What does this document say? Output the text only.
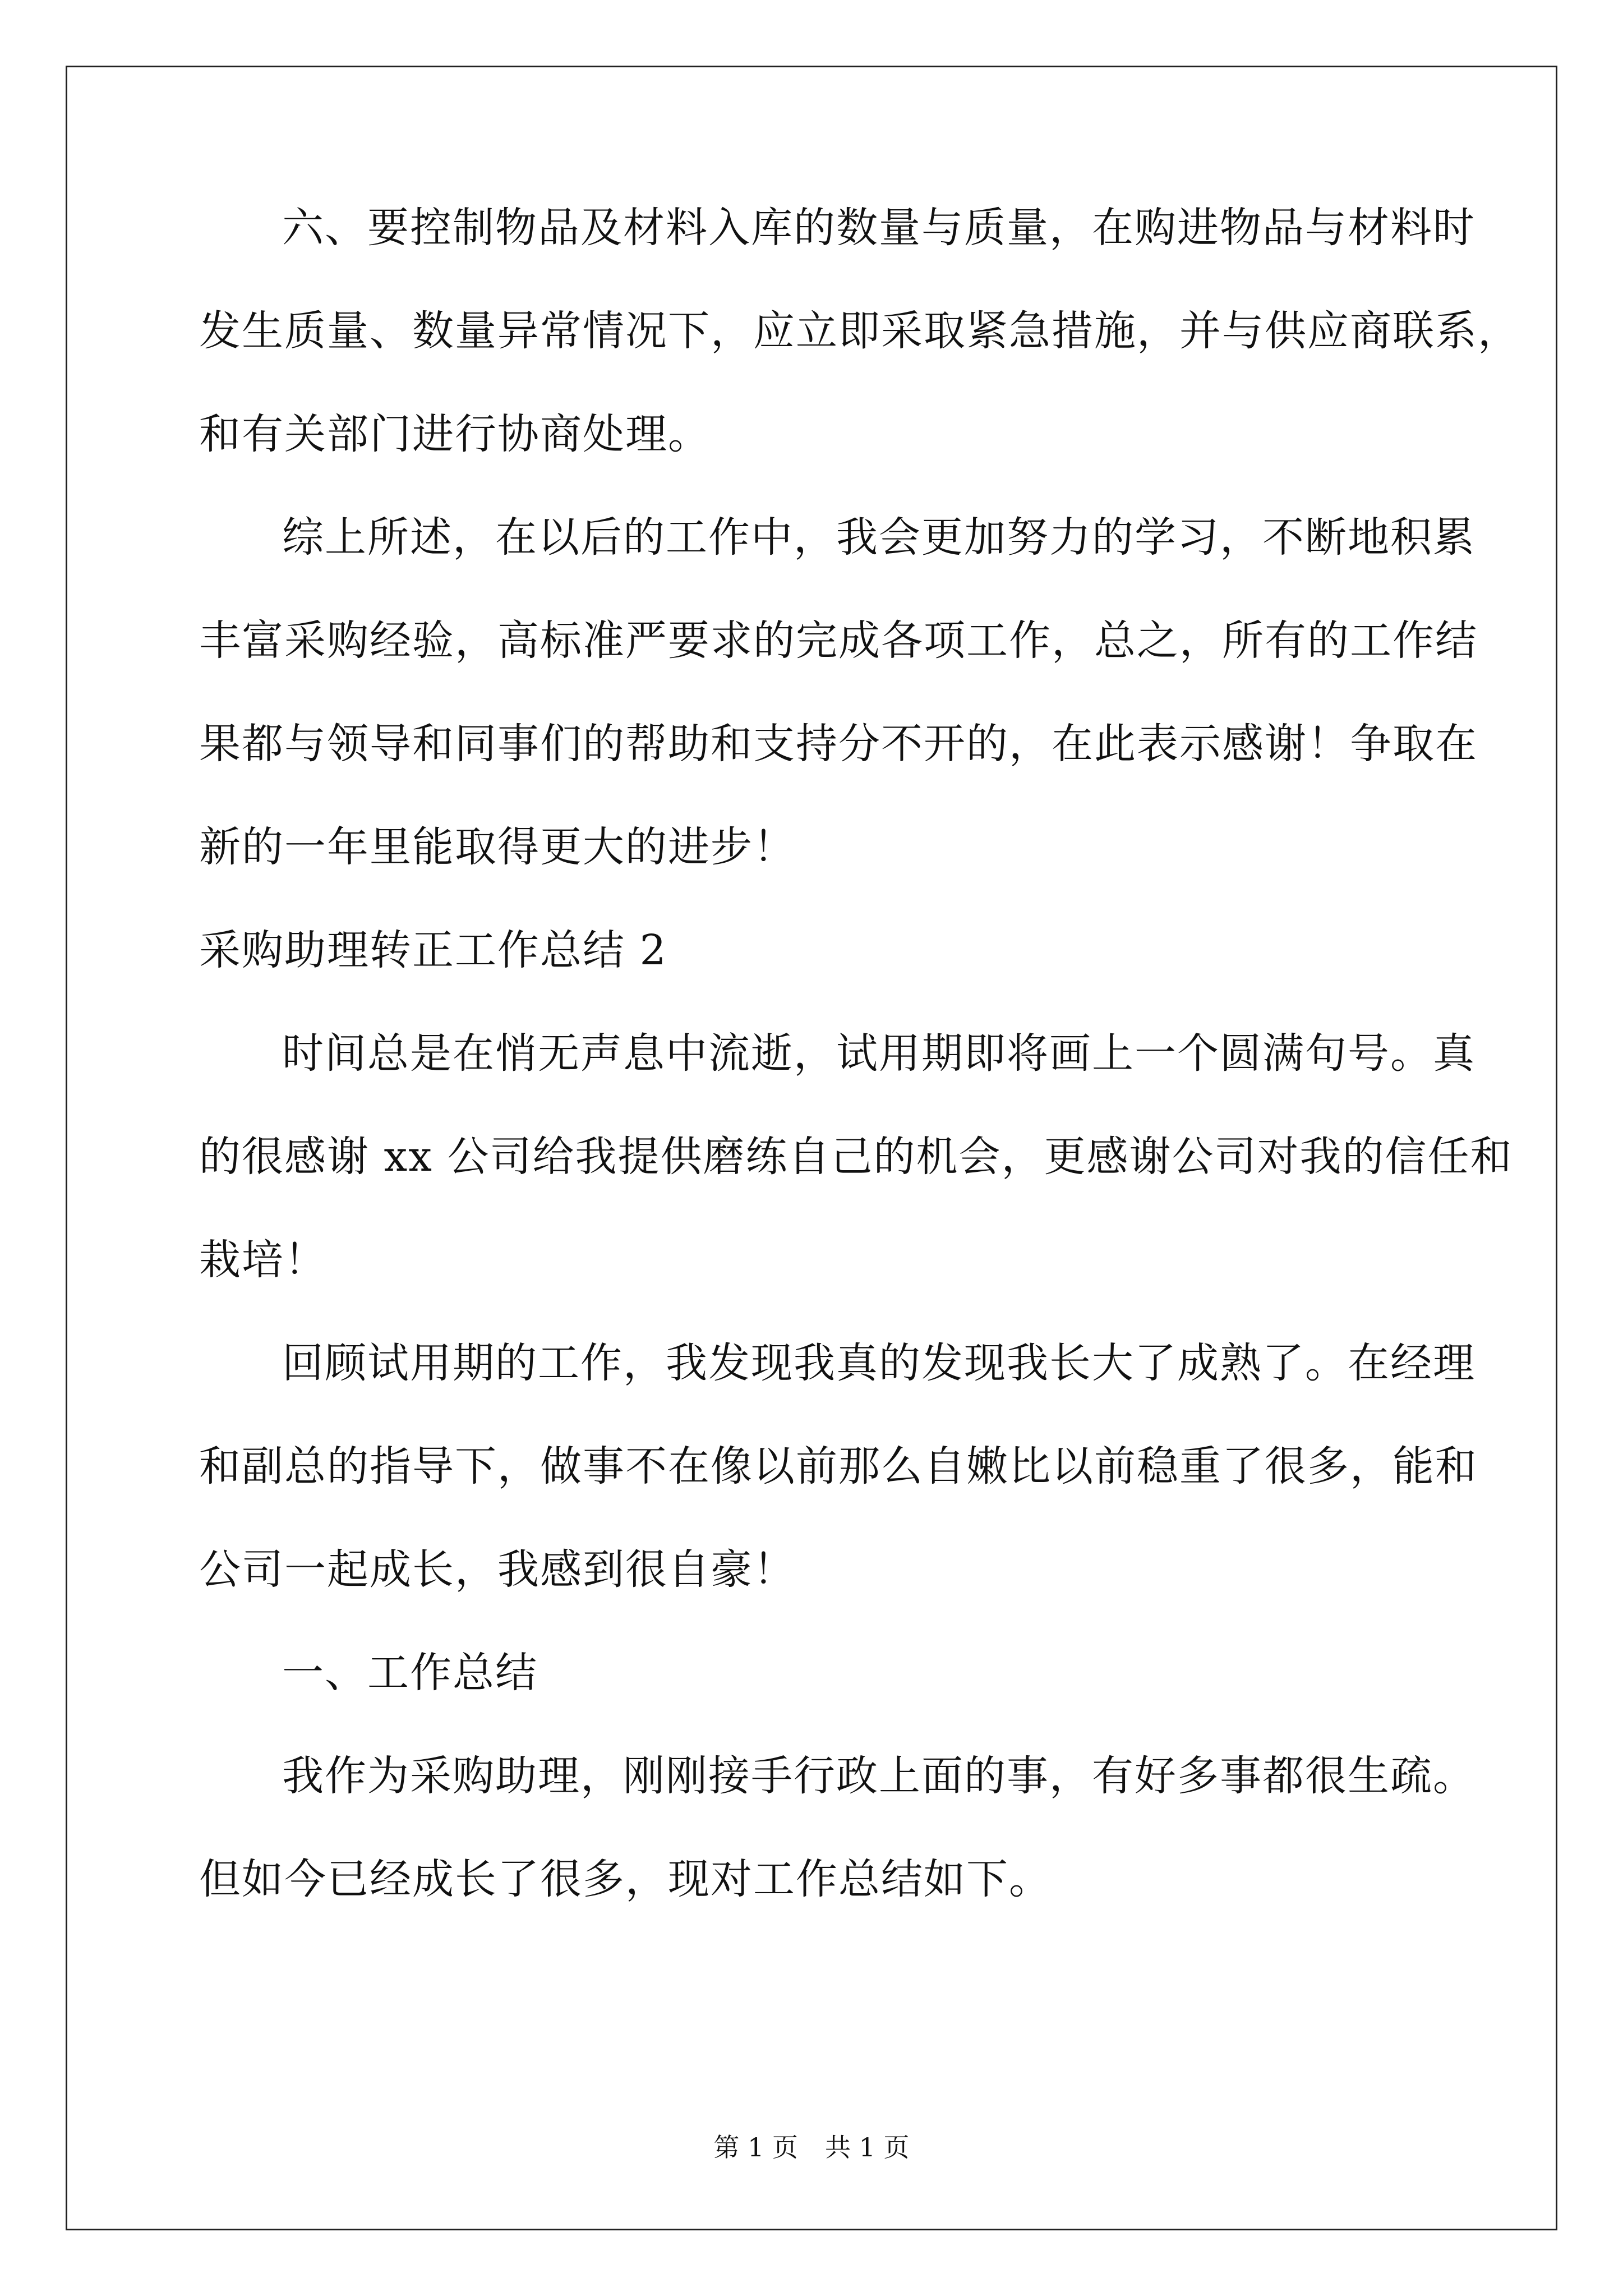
六、要控制物品及材料入库的数量与质量，在购进物品与材料时

发生质量、数量异常情况下，应立即采取紧急措施，并与供应商联系，

和有关部门进行协商处理。

综上所述，在以后的工作中，我会更加努力的学习，不断地积累

丰富采购经验，高标准严要求的完成各项工作，总之，所有的工作结

果都与领导和同事们的帮助和支持分不开的，在此表示感谢！争取在

新的一年里能取得更大的进步！

采购助理转正工作总结 2

时间总是在悄无声息中流逝，试用期即将画上一个圆满句号。真

的很感谢 xx 公司给我提供磨练自己的机会，更感谢公司对我的信任和

栽培！

回顾试用期的工作，我发现我真的发现我长大了成熟了。在经理

和副总的指导下，做事不在像以前那么自嫩比以前稳重了很多，能和

公司一起成长，我感到很自豪！

一、工作总结

我作为采购助理，刚刚接手行政上面的事，有好多事都很生疏。

但如今已经成长了很多，现对工作总结如下。

第 1 页 共 1 页
